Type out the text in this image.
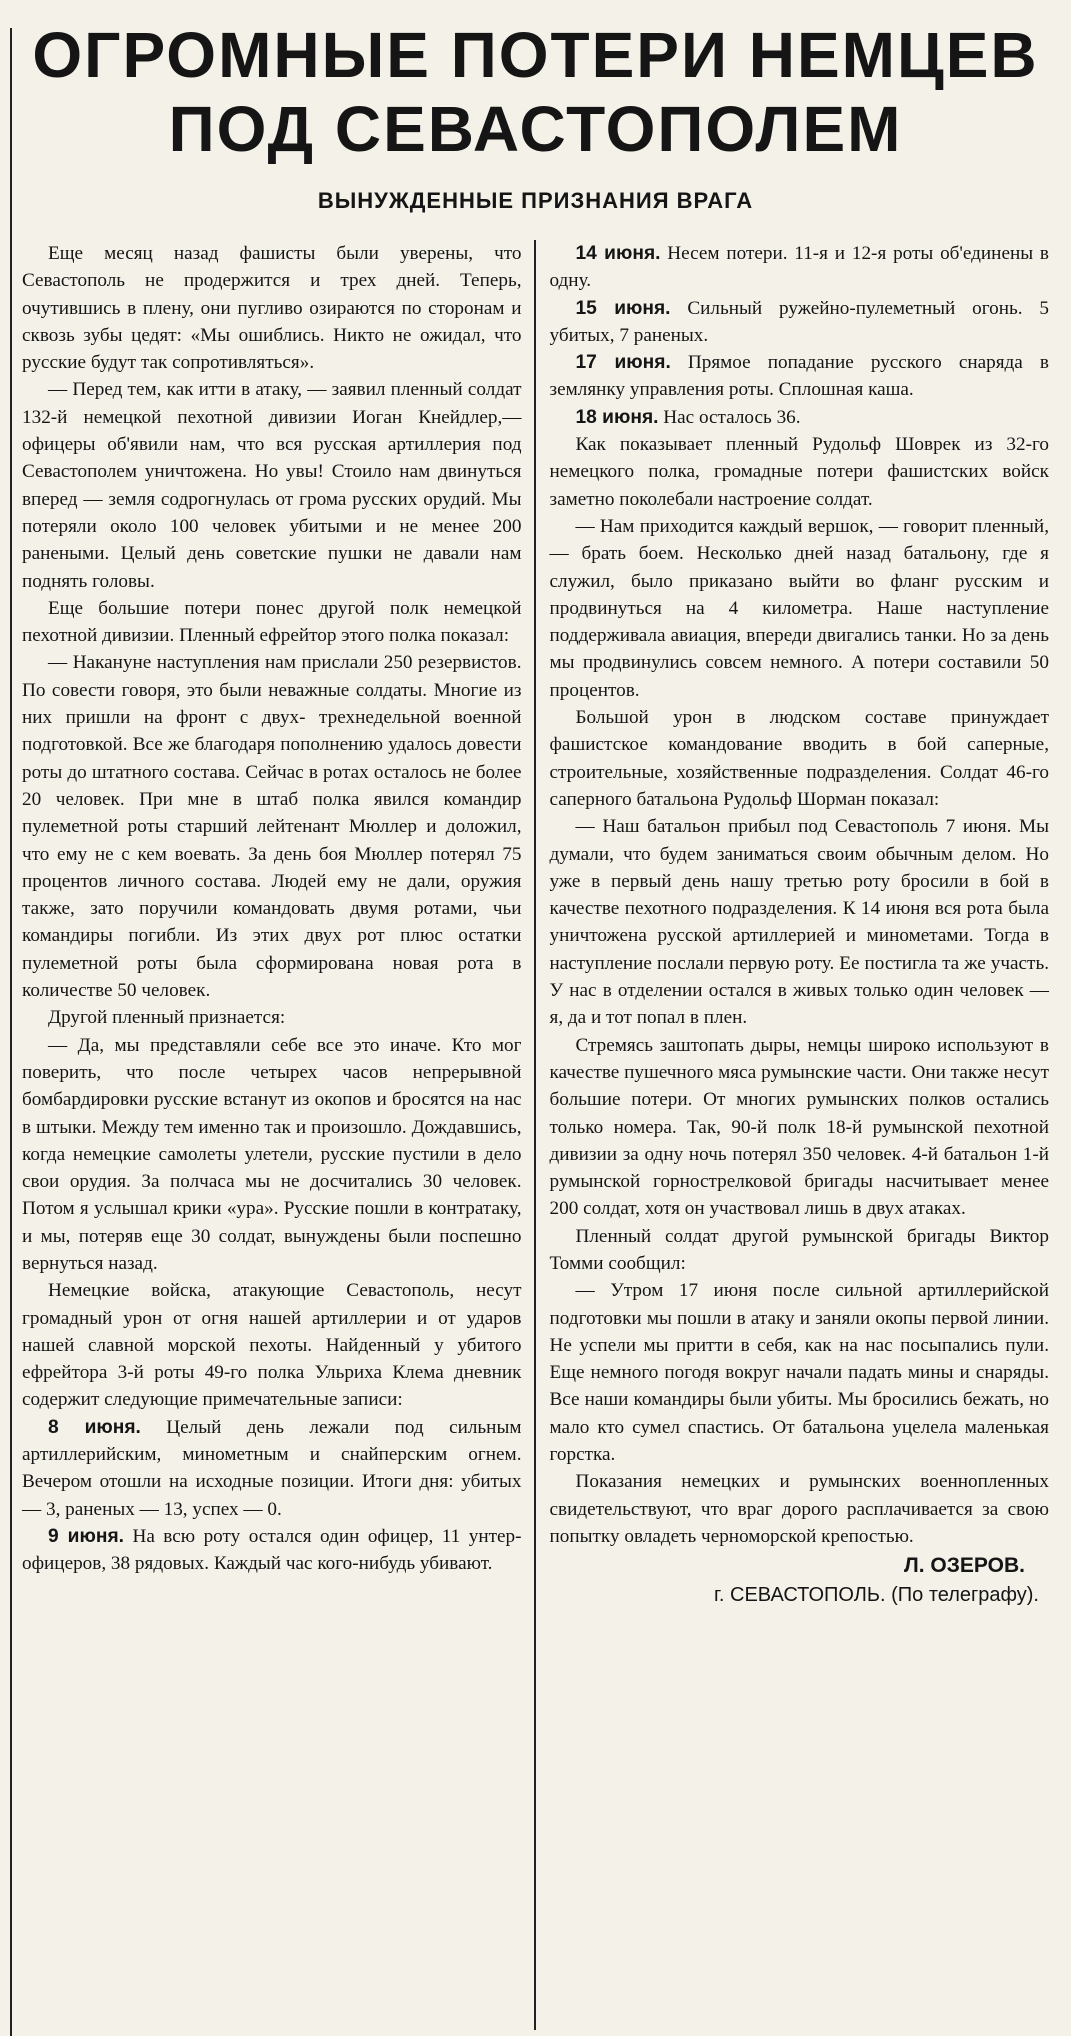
ОГРОМНЫЕ ПОТЕРИ НЕМЦЕВ
ПОД СЕВАСТОПОЛЕМ
ВЫНУЖДЕННЫЕ ПРИЗНАНИЯ ВРАГА

Еще месяц назад фашисты были уверены, что Севастополь не продержится и трех дней. Теперь, очутившись в плену, они пугливо озираются по сторонам и сквозь зубы цедят: «Мы ошиблись. Никто не ожидал, что русские будут так сопротивляться».

— Перед тем, как итти в атаку, — заявил пленный солдат 132-й немецкой пехотной дивизии Иоган Кнейдлер,— офицеры об'явили нам, что вся русская артиллерия под Севастополем уничтожена. Но увы! Стоило нам двинуться вперед — земля содрогнулась от грома русских орудий. Мы потеряли около 100 человек убитыми и не менее 200 ранеными. Целый день советские пушки не давали нам поднять головы.

Еще большие потери понес другой полк немецкой пехотной дивизии. Пленный ефрейтор этого полка показал:

— Накануне наступления нам прислали 250 резервистов. По совести говоря, это были неважные солдаты. Многие из них пришли на фронт с двух- трехнедельной военной подготовкой. Все же благодаря пополнению удалось довести роты до штатного состава. Сейчас в ротах осталось не более 20 человек. При мне в штаб полка явился командир пулеметной роты старший лейтенант Мюллер и доложил, что ему не с кем воевать. За день боя Мюллер потерял 75 процентов личного состава. Людей ему не дали, оружия также, зато поручили командовать двумя ротами, чьи командиры погибли. Из этих двух рот плюс остатки пулеметной роты была сформирована новая рота в количестве 50 человек.

Другой пленный признается:

— Да, мы представляли себе все это иначе. Кто мог поверить, что после четырех часов непрерывной бомбардировки русские встанут из окопов и бросятся на нас в штыки. Между тем именно так и произошло. Дождавшись, когда немецкие самолеты улетели, русские пустили в дело свои орудия. За полчаса мы не досчитались 30 человек. Потом я услышал крики «ура». Русские пошли в контратаку, и мы, потеряв еще 30 солдат, вынуждены были поспешно вернуться назад.

Немецкие войска, атакующие Севастополь, несут громадный урон от огня нашей артиллерии и от ударов нашей славной морской пехоты. Найденный у убитого ефрейтора 3-й роты 49-го полка Ульриха Клема дневник содержит следующие примечательные записи:

8 июня. Целый день лежали под сильным артиллерийским, минометным и снайперским огнем. Вечером отошли на исходные позиции. Итоги дня: убитых — 3, раненых — 13, успех — 0.

9 июня. На всю роту остался один офицер, 11 унтер-офицеров, 38 рядовых. Каждый час кого-нибудь убивают.

14 июня. Несем потери. 11-я и 12-я роты об'единены в одну.

15 июня. Сильный ружейно-пулеметный огонь. 5 убитых, 7 раненых.

17 июня. Прямое попадание русского снаряда в землянку управления роты. Сплошная каша.

18 июня. Нас осталось 36.

Как показывает пленный Рудольф Шоврек из 32-го немецкого полка, громадные потери фашистских войск заметно поколебали настроение солдат.

— Нам приходится каждый вершок, — говорит пленный,— брать боем. Несколько дней назад батальону, где я служил, было приказано выйти во фланг русским и продвинуться на 4 километра. Наше наступление поддерживала авиация, впереди двигались танки. Но за день мы продвинулись совсем немного. А потери составили 50 процентов.

Большой урон в людском составе принуждает фашистское командование вводить в бой саперные, строительные, хозяйственные подразделения. Солдат 46-го саперного батальона Рудольф Шорман показал:

— Наш батальон прибыл под Севастополь 7 июня. Мы думали, что будем заниматься своим обычным делом. Но уже в первый день нашу третью роту бросили в бой в качестве пехотного подразделения. К 14 июня вся рота была уничтожена русской артиллерией и минометами. Тогда в наступление послали первую роту. Ее постигла та же участь. У нас в отделении остался в живых только один человек — я, да и тот попал в плен.

Стремясь заштопать дыры, немцы широко используют в качестве пушечного мяса румынские части. Они также несут большие потери. От многих румынских полков остались только номера. Так, 90-й полк 18-й румынской пехотной дивизии за одну ночь потерял 350 человек. 4-й батальон 1-й румынской горнострелковой бригады насчитывает менее 200 солдат, хотя он участвовал лишь в двух атаках.

Пленный солдат другой румынской бригады Виктор Томми сообщил:

— Утром 17 июня после сильной артиллерийской подготовки мы пошли в атаку и заняли окопы первой линии. Не успели мы притти в себя, как на нас посыпались пули. Еще немного погодя вокруг начали падать мины и снаряды. Все наши командиры были убиты. Мы бросились бежать, но мало кто сумел спастись. От батальона уцелела маленькая горстка.

Показания немецких и румынских военнопленных свидетельствуют, что враг дорого расплачивается за свою попытку овладеть черноморской крепостью.

Л. ОЗЕРОВ.
г. СЕВАСТОПОЛЬ. (По телеграфу).
